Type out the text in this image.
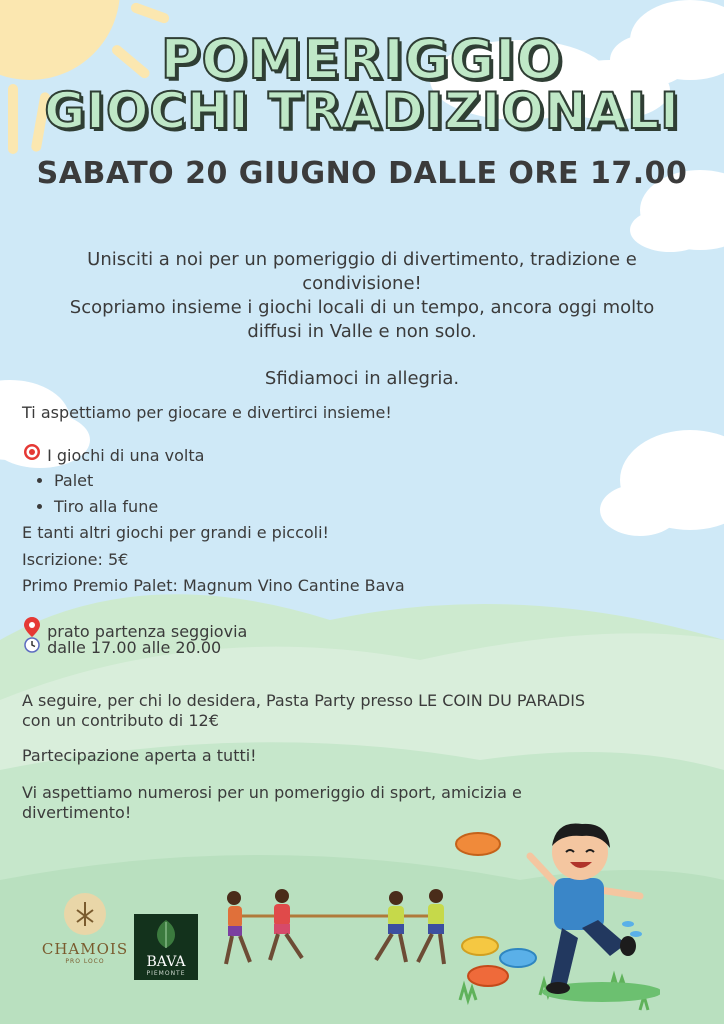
POMERIGGIO
GIOCHI TRADIZIONALI
SABATO 20 GIUGNO DALLE ORE 17.00

Unisciti a noi per un pomeriggio di divertimento, tradizione e

condivisione!

Scopriamo insieme i giochi locali di un tempo, ancora oggi molto

diffusi in Valle e non solo.

Sfidiamoci in allegria.
Ti aspettiamo per giocare e divertirci insieme!
I giochi di una volta
• Palet
• Tiro alla fune
E tanti altri giochi per grandi e piccoli!
Iscrizione: 5€
Primo Premio Palet: Magnum Vino Cantine Bava
prato partenza seggiovia
dalle 17.00 alle 20.00
A seguire, per chi lo desidera, Pasta Party presso LE COIN DU PARADIS
con un contributo di 12€
Partecipazione aperta a tutti!
Vi aspettiamo numerosi per un pomeriggio di sport, amicizia e
divertimento!
CHAMOIS
PRO LOCO	BAVA
PIEMONTE
